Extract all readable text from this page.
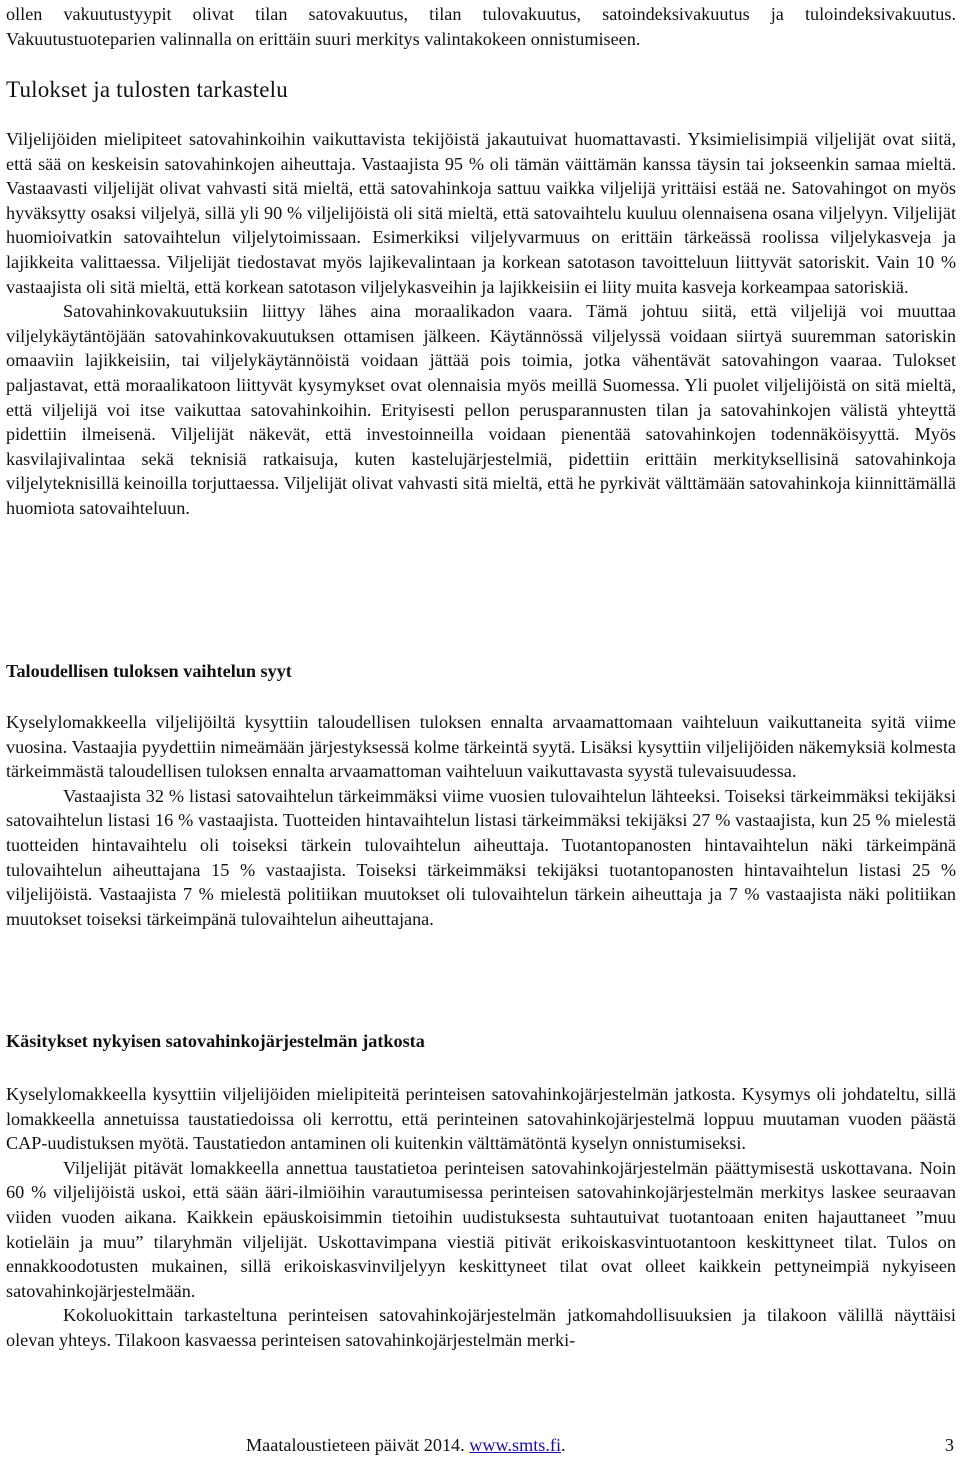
ollen vakuutustyypit olivat tilan satovakuutus, tilan tulovakuutus, satoindeksivakuutus ja tuloindeksivakuutus. Vakuutustuoteparien valinnalla on erittäin suuri merkitys valintakokeen onnistumiseen.

Tulokset ja tulosten tarkastelu

Viljelijöiden mielipiteet satovahinkoihin vaikuttavista tekijöistä jakautuivat huomattavasti. Yksimielisimpiä viljelijät ovat siitä, että sää on keskeisin satovahinkojen aiheuttaja. Vastaajista 95 % oli tämän väittämän kanssa täysin tai jokseenkin samaa mieltä. Vastaavasti viljelijät olivat vahvasti sitä mieltä, että satovahinkoja sattuu vaikka viljelijä yrittäisi estää ne. Satovahingot on myös hyväksytty osaksi viljelyä, sillä yli 90 % viljelijöistä oli sitä mieltä, että satovaihtelu kuuluu olennaisena osana viljelyyn. Viljelijät huomioivatkin satovaihtelun viljelytoimissaan. Esimerkiksi viljelyvarmuus on erittäin tärkeässä roolissa viljelykasveja ja lajikkeita valittaessa. Viljelijät tiedostavat myös lajikevalintaan ja korkean satotason tavoitteluun liittyvät satoriskit. Vain 10 % vastaajista oli sitä mieltä, että korkean satotason viljelykasveihin ja lajikkeisiin ei liity muita kasveja korkeampaa satoriskiä.

Satovahinkovakuutuksiin liittyy lähes aina moraalikadon vaara. Tämä johtuu siitä, että viljelijä voi muuttaa viljelykäytäntöjään satovahinkovakuutuksen ottamisen jälkeen. Käytännössä viljelyssä voidaan siirtyä suuremman satoriskin omaaviin lajikkeisiin, tai viljelykäytännöistä voidaan jättää pois toimia, jotka vähentävät satovahingon vaaraa. Tulokset paljastavat, että moraalikatoon liittyvät kysymykset ovat olennaisia myös meillä Suomessa. Yli puolet viljelijöistä on sitä mieltä, että viljelijä voi itse vaikuttaa satovahinkoihin. Erityisesti pellon perusparannusten tilan ja satovahinkojen välistä yhteyttä pidettiin ilmeisenä. Viljelijät näkevät, että investoinneilla voidaan pienentää satovahinkojen todennäköisyyttä. Myös kasvilajivalintaa sekä teknisiä ratkaisuja, kuten kastelujärjestelmiä, pidettiin erittäin merkityksellisinä satovahinkoja viljelyteknisillä keinoilla torjuttaessa. Viljelijät olivat vahvasti sitä mieltä, että he pyrkivät välttämään satovahinkoja kiinnittämällä huomiota satovaihteluun.

Taloudellisen tuloksen vaihtelun syyt

Kyselylomakkeella viljelijöiltä kysyttiin taloudellisen tuloksen ennalta arvaamattomaan vaihteluun vaikuttaneita syitä viime vuosina. Vastaajia pyydettiin nimeämään järjestyksessä kolme tärkeintä syytä. Lisäksi kysyttiin viljelijöiden näkemyksiä kolmesta tärkeimmästä taloudellisen tuloksen ennalta arvaamattoman vaihteluun vaikuttavasta syystä tulevaisuudessa.

Vastaajista 32 % listasi satovaihtelun tärkeimmäksi viime vuosien tulovaihtelun lähteeksi. Toiseksi tärkeimmäksi tekijäksi satovaihtelun listasi 16 % vastaajista. Tuotteiden hintavaihtelun listasi tärkeimmäksi tekijäksi 27 % vastaajista, kun 25 % mielestä tuotteiden hintavaihtelu oli toiseksi tärkein tulovaihtelun aiheuttaja. Tuotantopanosten hintavaihtelun näki tärkeimpänä tulovaihtelun aiheuttajana 15 % vastaajista. Toiseksi tärkeimmäksi tekijäksi tuotantopanosten hintavaihtelun listasi 25 % viljelijöistä. Vastaajista 7 % mielestä politiikan muutokset oli tulovaihtelun tärkein aiheuttaja ja 7 % vastaajista näki politiikan muutokset toiseksi tärkeimpänä tulovaihtelun aiheuttajana.

Käsitykset nykyisen satovahinkojärjestelmän jatkosta

Kyselylomakkeella kysyttiin viljelijöiden mielipiteitä perinteisen satovahinkojärjestelmän jatkosta. Kysymys oli johdateltu, sillä lomakkeella annetuissa taustatiedoissa oli kerrottu, että perinteinen satovahinkojärjestelmä loppuu muutaman vuoden päästä CAP-uudistuksen myötä. Taustatiedon antaminen oli kuitenkin välttämätöntä kyselyn onnistumiseksi.

Viljelijät pitävät lomakkeella annettua taustatietoa perinteisen satovahinkojärjestelmän päättymisestä uskottavana. Noin 60 % viljelijöistä uskoi, että sään ääri-ilmiöihin varautumisessa perinteisen satovahinkojärjestelmän merkitys laskee seuraavan viiden vuoden aikana. Kaikkein epäuskoisimmin tietoihin uudistuksesta suhtautuivat tuotantoaan eniten hajauttaneet ”muu kotieläin ja muu” tilaryhmän viljelijät. Uskottavimpana viestiä pitivät erikoiskasvintuotantoon keskittyneet tilat. Tulos on ennakkoodotusten mukainen, sillä erikoiskasvinviljelyyn keskittyneet tilat ovat olleet kaikkein pettyneimpiä nykyiseen satovahinkojärjestelmään.

Kokoluokittain tarkasteltuna perinteisen satovahinkojärjestelmän jatkomahdollisuuksien ja tilakoon välillä näyttäisi olevan yhteys. Tilakoon kasvaessa perinteisen satovahinkojärjestelmän merki-

Maataloustieteen päivät 2014. www.smts.fi.	3
